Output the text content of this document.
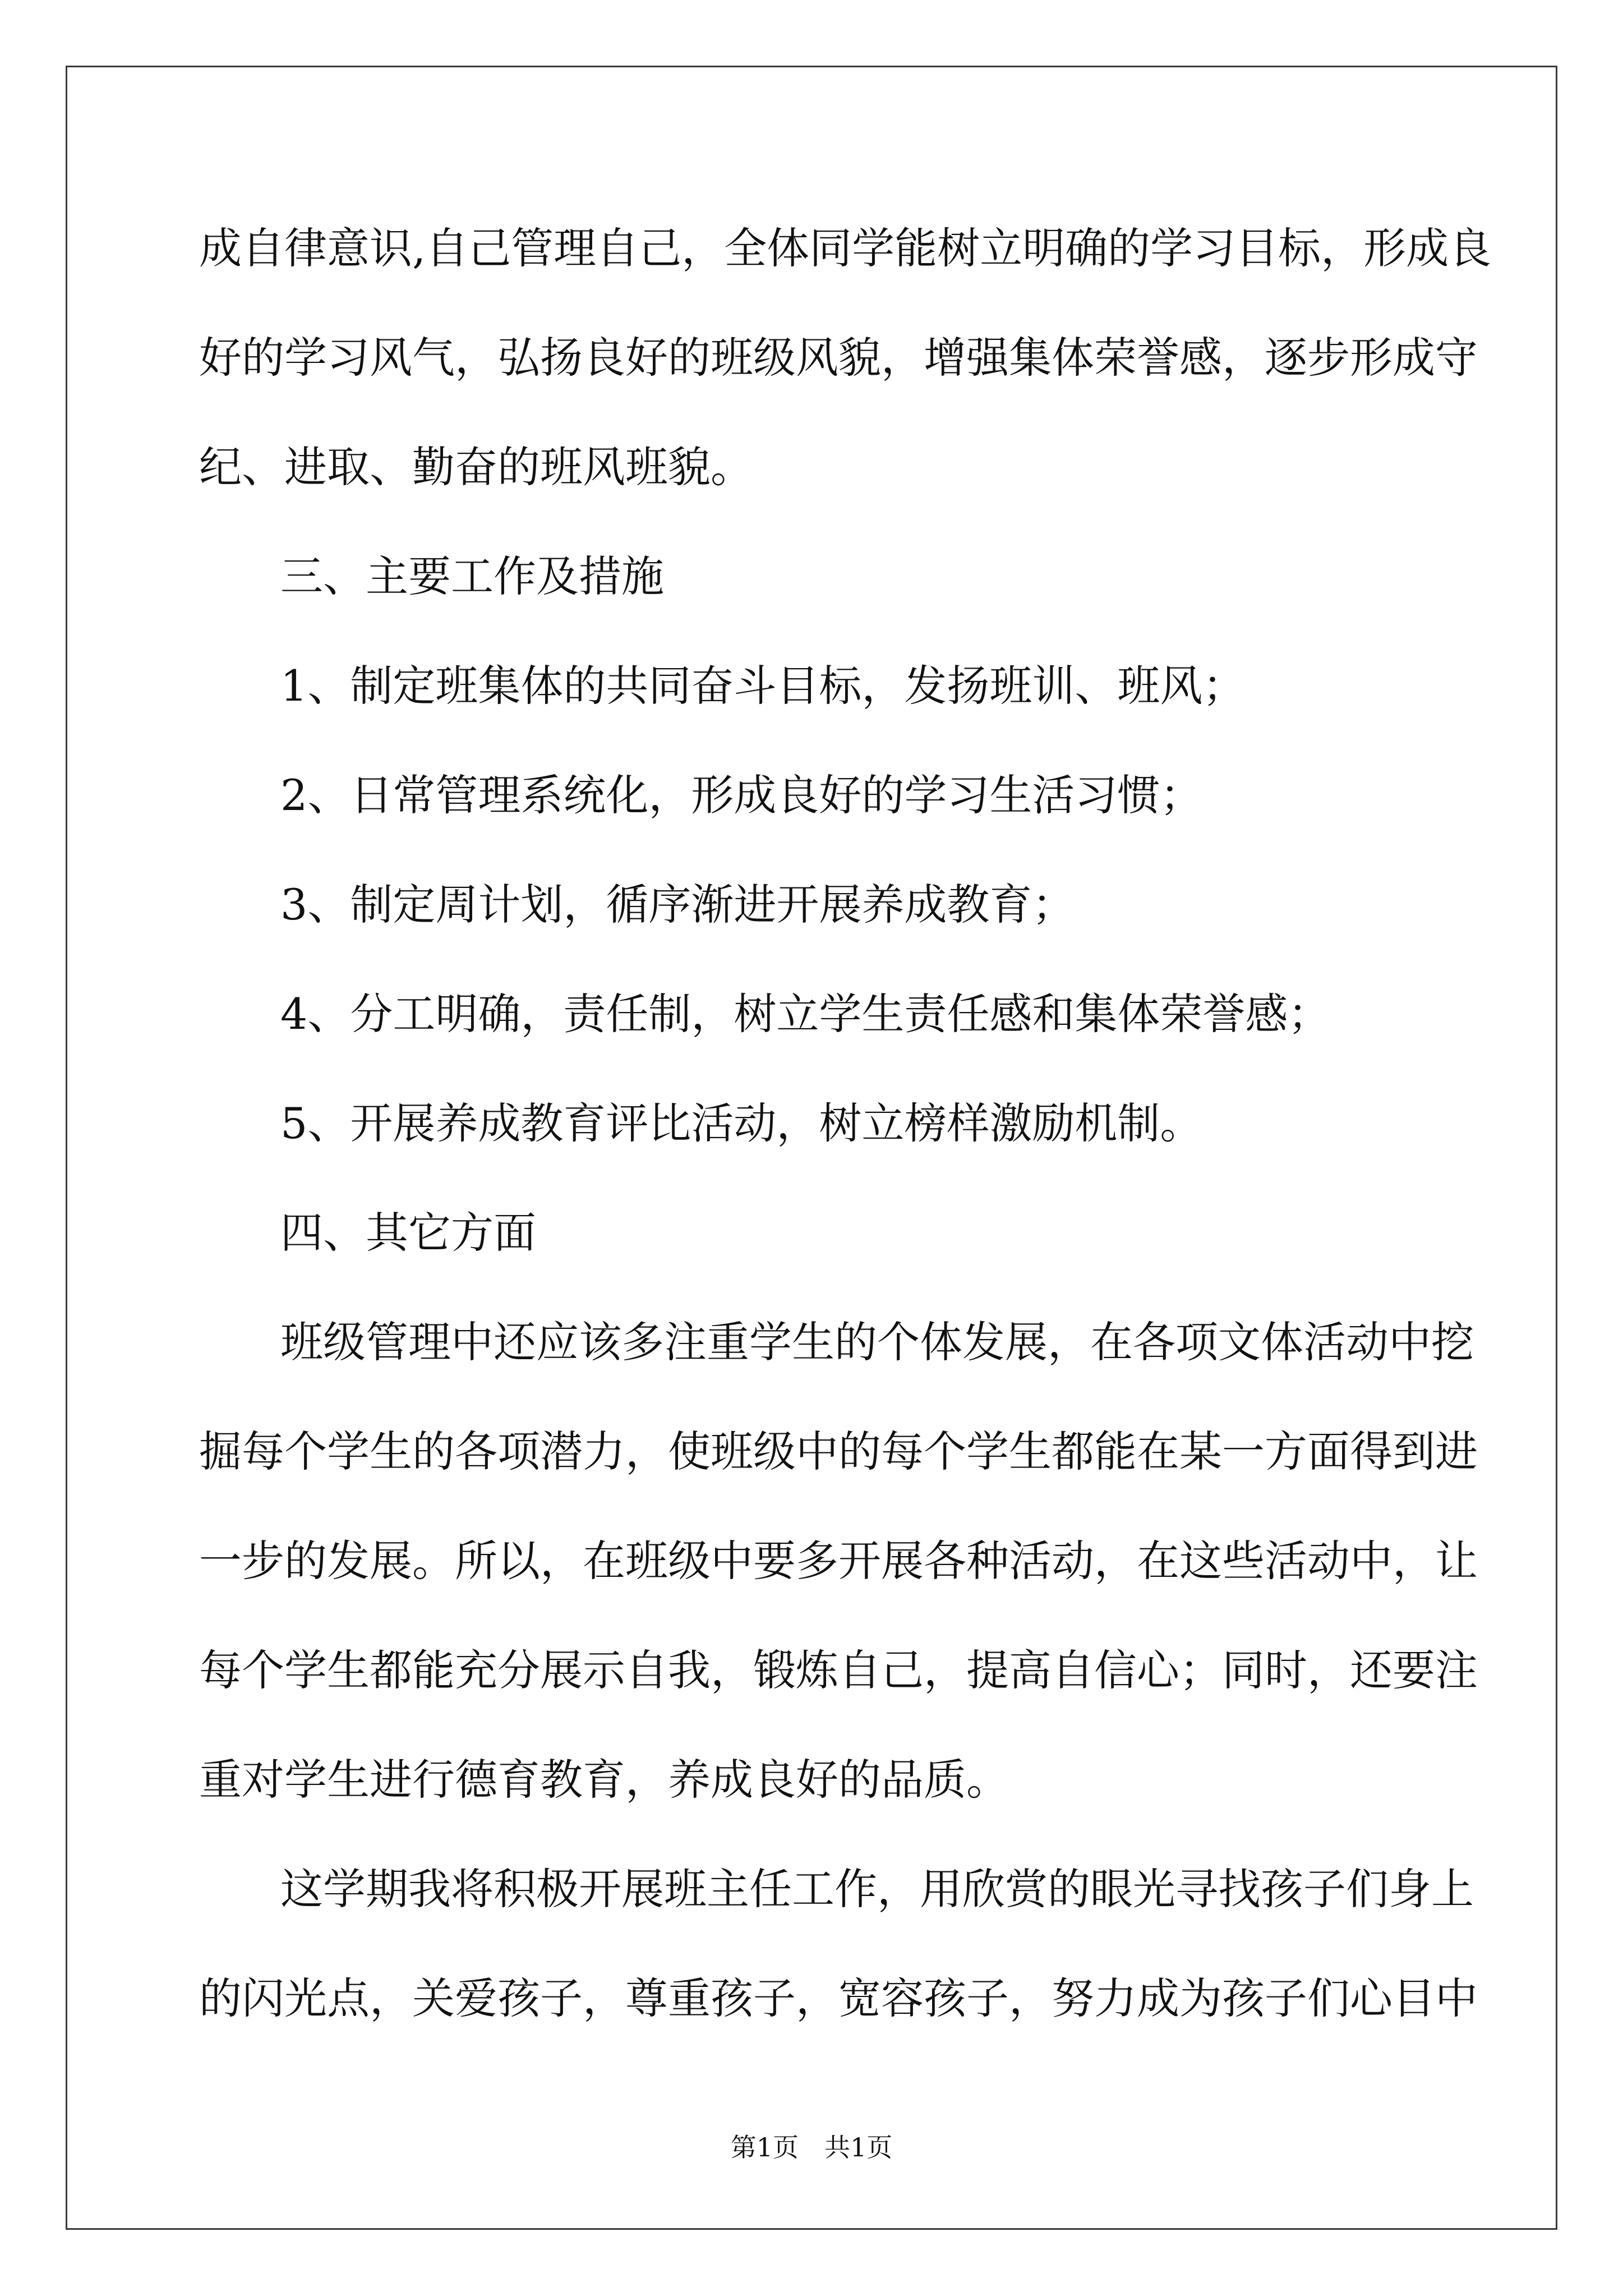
成自律意识,自己管理自己，全体同学能树立明确的学习目标，形成良
好的学习风气，弘扬良好的班级风貌，增强集体荣誉感，逐步形成守
纪、进取、勤奋的班风班貌。
三、主要工作及措施
1、制定班集体的共同奋斗目标，发扬班训、班风；
2、日常管理系统化，形成良好的学习生活习惯；
3、制定周计划，循序渐进开展养成教育；
4、分工明确，责任制，树立学生责任感和集体荣誉感；
5、开展养成教育评比活动，树立榜样激励机制。
四、其它方面
班级管理中还应该多注重学生的个体发展，在各项文体活动中挖
掘每个学生的各项潜力，使班级中的每个学生都能在某一方面得到进
一步的发展。所以，在班级中要多开展各种活动，在这些活动中，让
每个学生都能充分展示自我，锻炼自己，提高自信心；同时，还要注
重对学生进行德育教育，养成良好的品质。
这学期我将积极开展班主任工作，用欣赏的眼光寻找孩子们身上
的闪光点，关爱孩子，尊重孩子，宽容孩子，努力成为孩子们心目中
第1页　共1页
